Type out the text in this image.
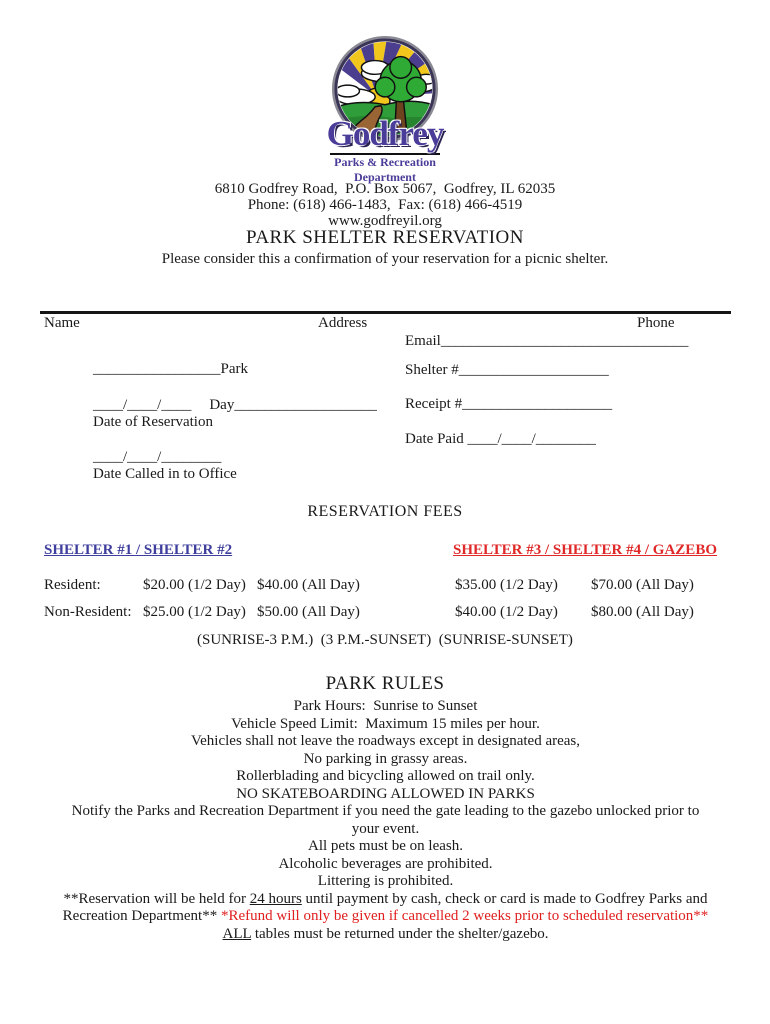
Godfrey
Parks & Recreation
Department
6810 Godfrey Road,  P.O. Box 5067,  Godfrey, IL 62035
Phone: (618) 466-1483,  Fax: (618) 466-4519
www.godfreyil.org
PARK SHELTER RESERVATION
Please consider this a confirmation of your reservation for a picnic shelter.
Name	Address	Phone
Email_________________________________
_________________Park	Shelter #____________________
____/____/____ Day___________________ Receipt #____________________
Date of Reservation
Date Paid ____/____/________
____/____/________
Date Called in to Office
RESERVATION FEES
SHELTER #1 / SHELTER #2	SHELTER #3 / SHELTER #4 / GAZEBO
Resident:	$20.00 (1/2 Day) $40.00 (All Day)	$35.00 (1/2 Day) $70.00 (All Day)
Non-Resident: $25.00 (1/2 Day) $50.00 (All Day)	$40.00 (1/2 Day) $80.00 (All Day)
(SUNRISE-3 P.M.)  (3 P.M.-SUNSET)  (SUNRISE-SUNSET)
PARK RULES
Park Hours:  Sunrise to Sunset
Vehicle Speed Limit:  Maximum 15 miles per hour.
Vehicles shall not leave the roadways except in designated areas,
No parking in grassy areas.
Rollerblading and bicycling allowed on trail only.
NO SKATEBOARDING ALLOWED IN PARKS
Notify the Parks and Recreation Department if you need the gate leading to the gazebo unlocked prior to
your event.
All pets must be on leash.
Alcoholic beverages are prohibited.
Littering is prohibited.
**Reservation will be held for 24 hours until payment by cash, check or card is made to Godfrey Parks and
Recreation Department** *Refund will only be given if cancelled 2 weeks prior to scheduled reservation**
ALL tables must be returned under the shelter/gazebo.
